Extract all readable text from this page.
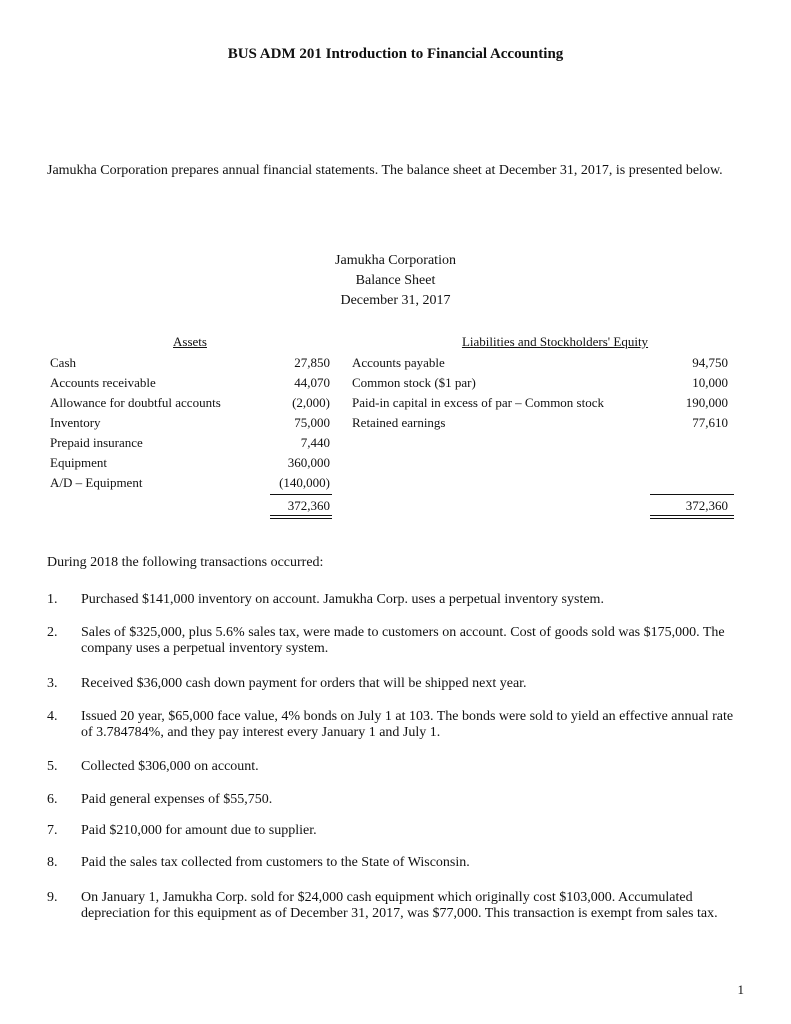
BUS ADM 201 Introduction to Financial Accounting
Jamukha Corporation prepares annual financial statements. The balance sheet at December 31, 2017, is presented below.
Jamukha Corporation
Balance Sheet
December 31, 2017
Assets	Liabilities and Stockholders' Equity
Cash	27,850
Accounts receivable	44,070
Allowance for doubtful accounts	(2,000)
Inventory	75,000
Prepaid insurance	7,440
Equipment	360,000
A/D – Equipment	(140,000)
372,360
Accounts payable	94,750
Common stock ($1 par)	10,000
Paid-in capital in excess of par – Common stock	190,000
Retained earnings	77,610
372,360
During 2018 the following transactions occurred:
1.	Purchased $141,000 inventory on account. Jamukha Corp. uses a perpetual inventory system.
2.	Sales of $325,000, plus 5.6% sales tax, were made to customers on account. Cost of goods sold was $175,000. The company uses a perpetual inventory system.
3.	Received $36,000 cash down payment for orders that will be shipped next year.
4.	Issued 20 year, $65,000 face value, 4% bonds on July 1 at 103. The bonds were sold to yield an effective annual rate of 3.784784%, and they pay interest every January 1 and July 1.
5.	Collected $306,000 on account.
6.	Paid general expenses of $55,750.
7.	Paid $210,000 for amount due to supplier.
8.	Paid the sales tax collected from customers to the State of Wisconsin.
9.	On January 1, Jamukha Corp. sold for $24,000 cash equipment which originally cost $103,000. Accumulated depreciation for this equipment as of December 31, 2017, was $77,000. This transaction is exempt from sales tax.
1
